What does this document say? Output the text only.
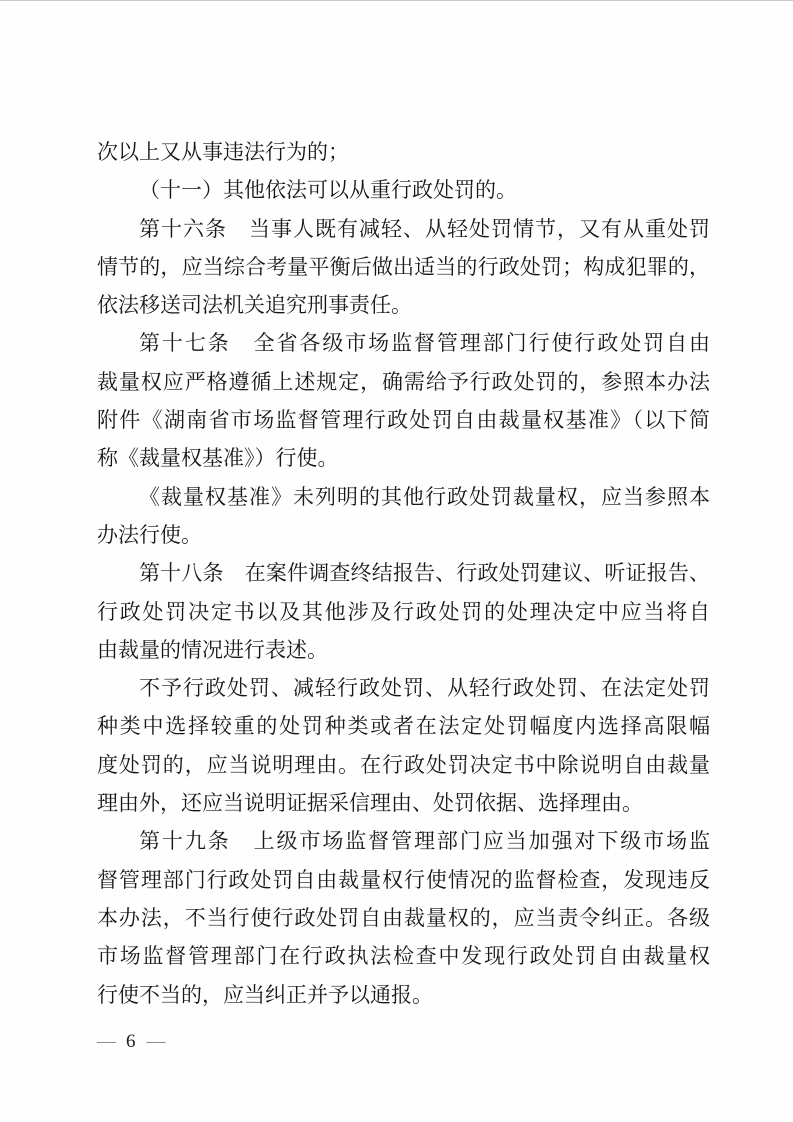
次以上又从事违法行为的；
（十一）其他依法可以从重行政处罚的。
第十六条　当事人既有减轻、从轻处罚情节，又有从重处罚
情节的，应当综合考量平衡后做出适当的行政处罚；构成犯罪的，
依法移送司法机关追究刑事责任。
第十七条　全省各级市场监督管理部门行使行政处罚自由
裁量权应严格遵循上述规定，确需给予行政处罚的，参照本办法
附件《湖南省市场监督管理行政处罚自由裁量权基准》（以下简
称《裁量权基准》）行使。
《裁量权基准》未列明的其他行政处罚裁量权，应当参照本
办法行使。
第十八条　在案件调查终结报告、行政处罚建议、听证报告、
行政处罚决定书以及其他涉及行政处罚的处理决定中应当将自
由裁量的情况进行表述。
不予行政处罚、减轻行政处罚、从轻行政处罚、在法定处罚
种类中选择较重的处罚种类或者在法定处罚幅度内选择高限幅
度处罚的，应当说明理由。在行政处罚决定书中除说明自由裁量
理由外，还应当说明证据采信理由、处罚依据、选择理由。
第十九条　上级市场监督管理部门应当加强对下级市场监
督管理部门行政处罚自由裁量权行使情况的监督检查，发现违反
本办法，不当行使行政处罚自由裁量权的，应当责令纠正。各级
市场监督管理部门在行政执法检查中发现行政处罚自由裁量权
行使不当的，应当纠正并予以通报。
— 6 —
